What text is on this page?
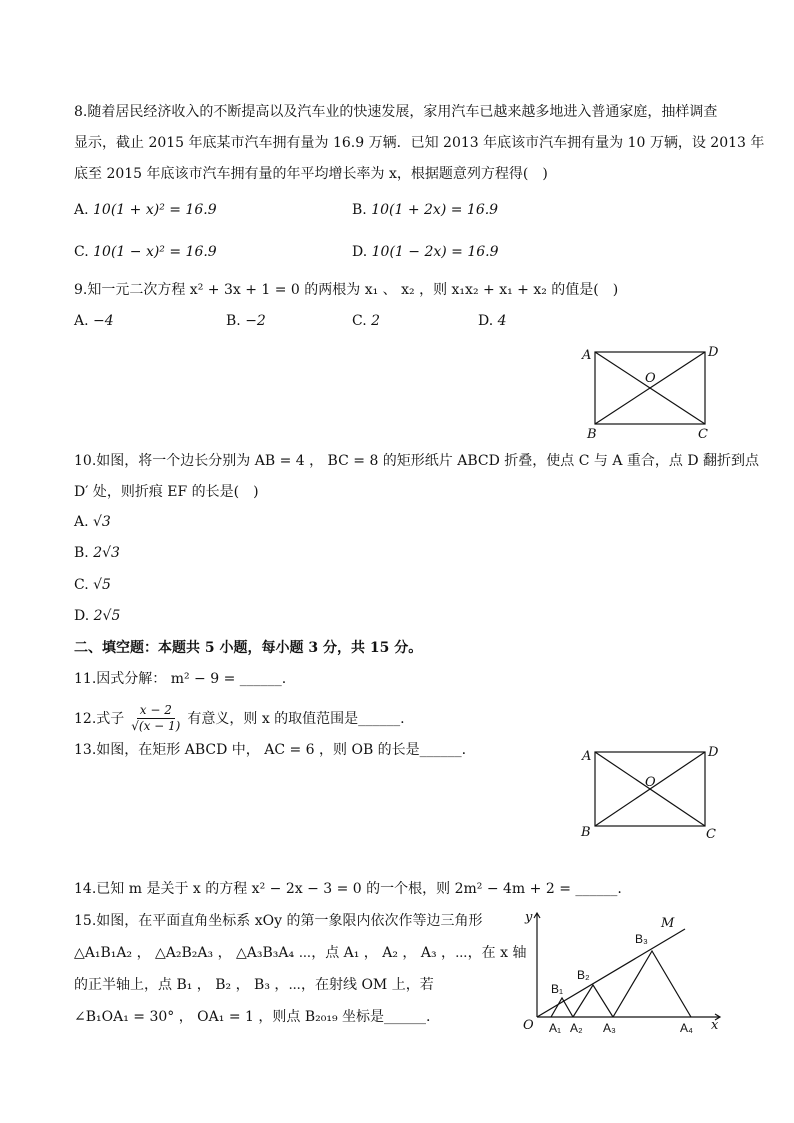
8.随着居民经济收入的不断提高以及汽车业的快速发展，家用汽车已越来越多地进入普通家庭，抽样调查
显示，截止 2015 年底某市汽车拥有量为 16.9 万辆．已知 2013 年底该市汽车拥有量为 10 万辆，设 2013 年
底至 2015 年底该市汽车拥有量的年平均增长率为 x，根据题意列方程得(　)
A. 10(1 + x)² = 16.9	B. 10(1 + 2x) = 16.9
C. 10(1 − x)² = 16.9	D. 10(1 − 2x) = 16.9
9.知一元二次方程 x² + 3x + 1 = 0 的两根为 x₁ 、 x₂ ，则 x₁x₂ + x₁ + x₂ 的值是(　)
A. −4	B. −2	C. 2	D. 4
A	D
O
B	C
10.如图，将一个边长分别为 AB = 4 ， BC = 8 的矩形纸片 ABCD 折叠，使点 C 与 A 重合，点 D 翻折到点
D′ 处，则折痕 EF 的长是(　)
A. √3
B. 2√3
C. √5
D. 2√5
二、填空题：本题共 5 小题，每小题 3 分，共 15 分。
11.因式分解： m² − 9 = ______.
12.式子
x − 2
√(x − 1) 有意义，则 x 的取值范围是______.
13.如图，在矩形 ABCD 中， AC = 6 ，则 OB 的长是______.	A	D
O
B	C
14.已知 m 是关于 x 的方程 x² − 2x − 3 = 0 的一个根，则 2m² − 4m + 2 = ______.
15.如图，在平面直角坐标系 xOy 的第一象限内依次作等边三角形
△A₁B₁A₂ ， △A₂B₂A₃ ， △A₃B₃A₄ ⋯，点 A₁ ， A₂ ， A₃ ，⋯，在 x 轴
的正半轴上，点 B₁ ， B₂ ， B₃ ，⋯，在射线 OM 上，若
∠B₁OA₁ = 30° ， OA₁ = 1 ，则点 B₂₀₁₉ 坐标是______.
y
x
O
M
B₁
B₂
B₃
A₁ A₂ A₃	A₄
